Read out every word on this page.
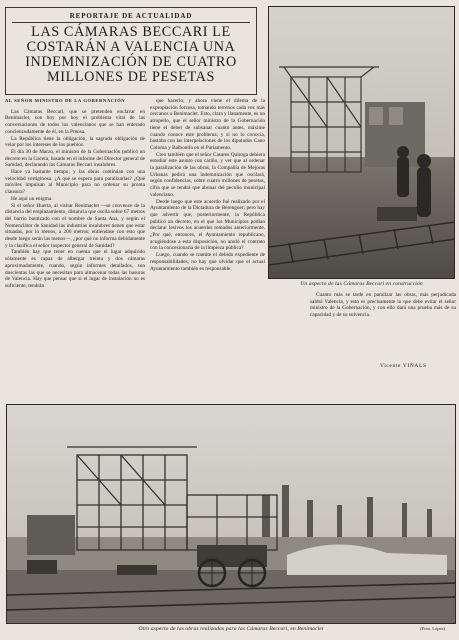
REPORTAJE DE ACTUALIDAD
LAS CÁMARAS BECCARI LE COSTARÁN A VALENCIA UNA INDEMNIZACIÓN DE CUATRO MILLONES DE PESETAS
Un aspecto de las Cámaras Beccari en construcción

AL SEÑOR MINISTRO DE LA GOBERNACIÓN

Las Cámaras Beccari, que se pretenden enclavar en Benimaclet, son hoy por hoy el problema vital de las conversaciones de todos los valencianos que se han enterado concienzudamente de él, en la Prensa.

La República tiene la obligación, la sagrada obligación de velar por los intereses de los pueblos.

El día 30 de Marzo, el ministro de la Gobernación publicó un decreto en la Gaceta, basado en el informe del Director general de Sanidad, declarando las Cámaras Beccari insalubres.

Hace ya bastante tiempo, y las obras continúan con una velocidad vertiginosa. ¿A qué se espera para paralizarlas? ¿Qué móviles impulsan al Municipio para no ordenar su pronta clausura?

He aquí un enigma.

Si el señor Huerta, al visitar Benimaclet —se convence de la distancia del emplazamiento, distancia que oscila sobre 67 metros del barrio bautizado con el nombre de Santa Ana, y según el Nomenclátor de Sanidad las industrias insalubres tienen que estar situadas, por lo menos, a 200 metros; entiéndase con esto que desde luego serán las menos—, ¿por qué no informa debidamente y la clasifica el señor inspector general de Sanidad?

También hay que tener en cuenta que el lugar adquirido sólamente es capaz de albergar treinta y dos cámaras aproximadamente, cuando, según informes detallados, son doscientas las que se necesitan para almacenar todas las basuras de Valencia. Hay que pensar que si el lugar de instalación no es suficiente, tendrán

que hacerlo; y ahora viene el dilema de la expropiación forzosa, tomando terrenos cada vez más cercanos a Benimaclet. Esto, clara y llanamente, es un atropello, que el señor ministro de la Gobernación tiene el deber de subsanar cuanto antes, máxime cuando conoce este problema; y si no lo conocía, bastaba con las interpelaciones de los diputados Cano Coloma y Balbontín en el Parlamento.

Creo también que el señor Casares Quiroga debiera estudiar este asunto con cariño, y ver que al ordenar la paralización de las obras, la Compañía de Mejoras Urbanas pedirá una indemnización que oscilará, según confidencias, sobre cuatro millones de pesetas, cifra que se tendrá que abonar del peculio municipal valenciano.

Desde luego que este acuerdo fué realizado por el Ayuntamiento de la Dictadura de Berenguer; pero hay que advertir que, posteriormente, la República publicó un decreto, en el que los Municipios podían declarar lesivos los acuerdos tomados anteriormente. ¿Por qué, entonces, el Ayuntamiento republicano, acogiéndose a esta disposición, no anuló el contrato con la concesionaria de la limpieza pública?

Luego, cuando se tramite el debido expediente de responsabilidades, no hay que olvidar que el actual Ayuntamiento también es responsable.

Cuanto más se tarde en paralizar las obras, más perjudicada saldrá Valencia, y esto es precisamente lo que debe evitar el señor ministro de la Gobernación, y con ello dará una prueba más de su capacidad y de su solvencia.

Vicente VIÑALS
Otro aspecto de las obras realizadas para las Cámaras Beccari, en Benimaclet	(Foto. López)
